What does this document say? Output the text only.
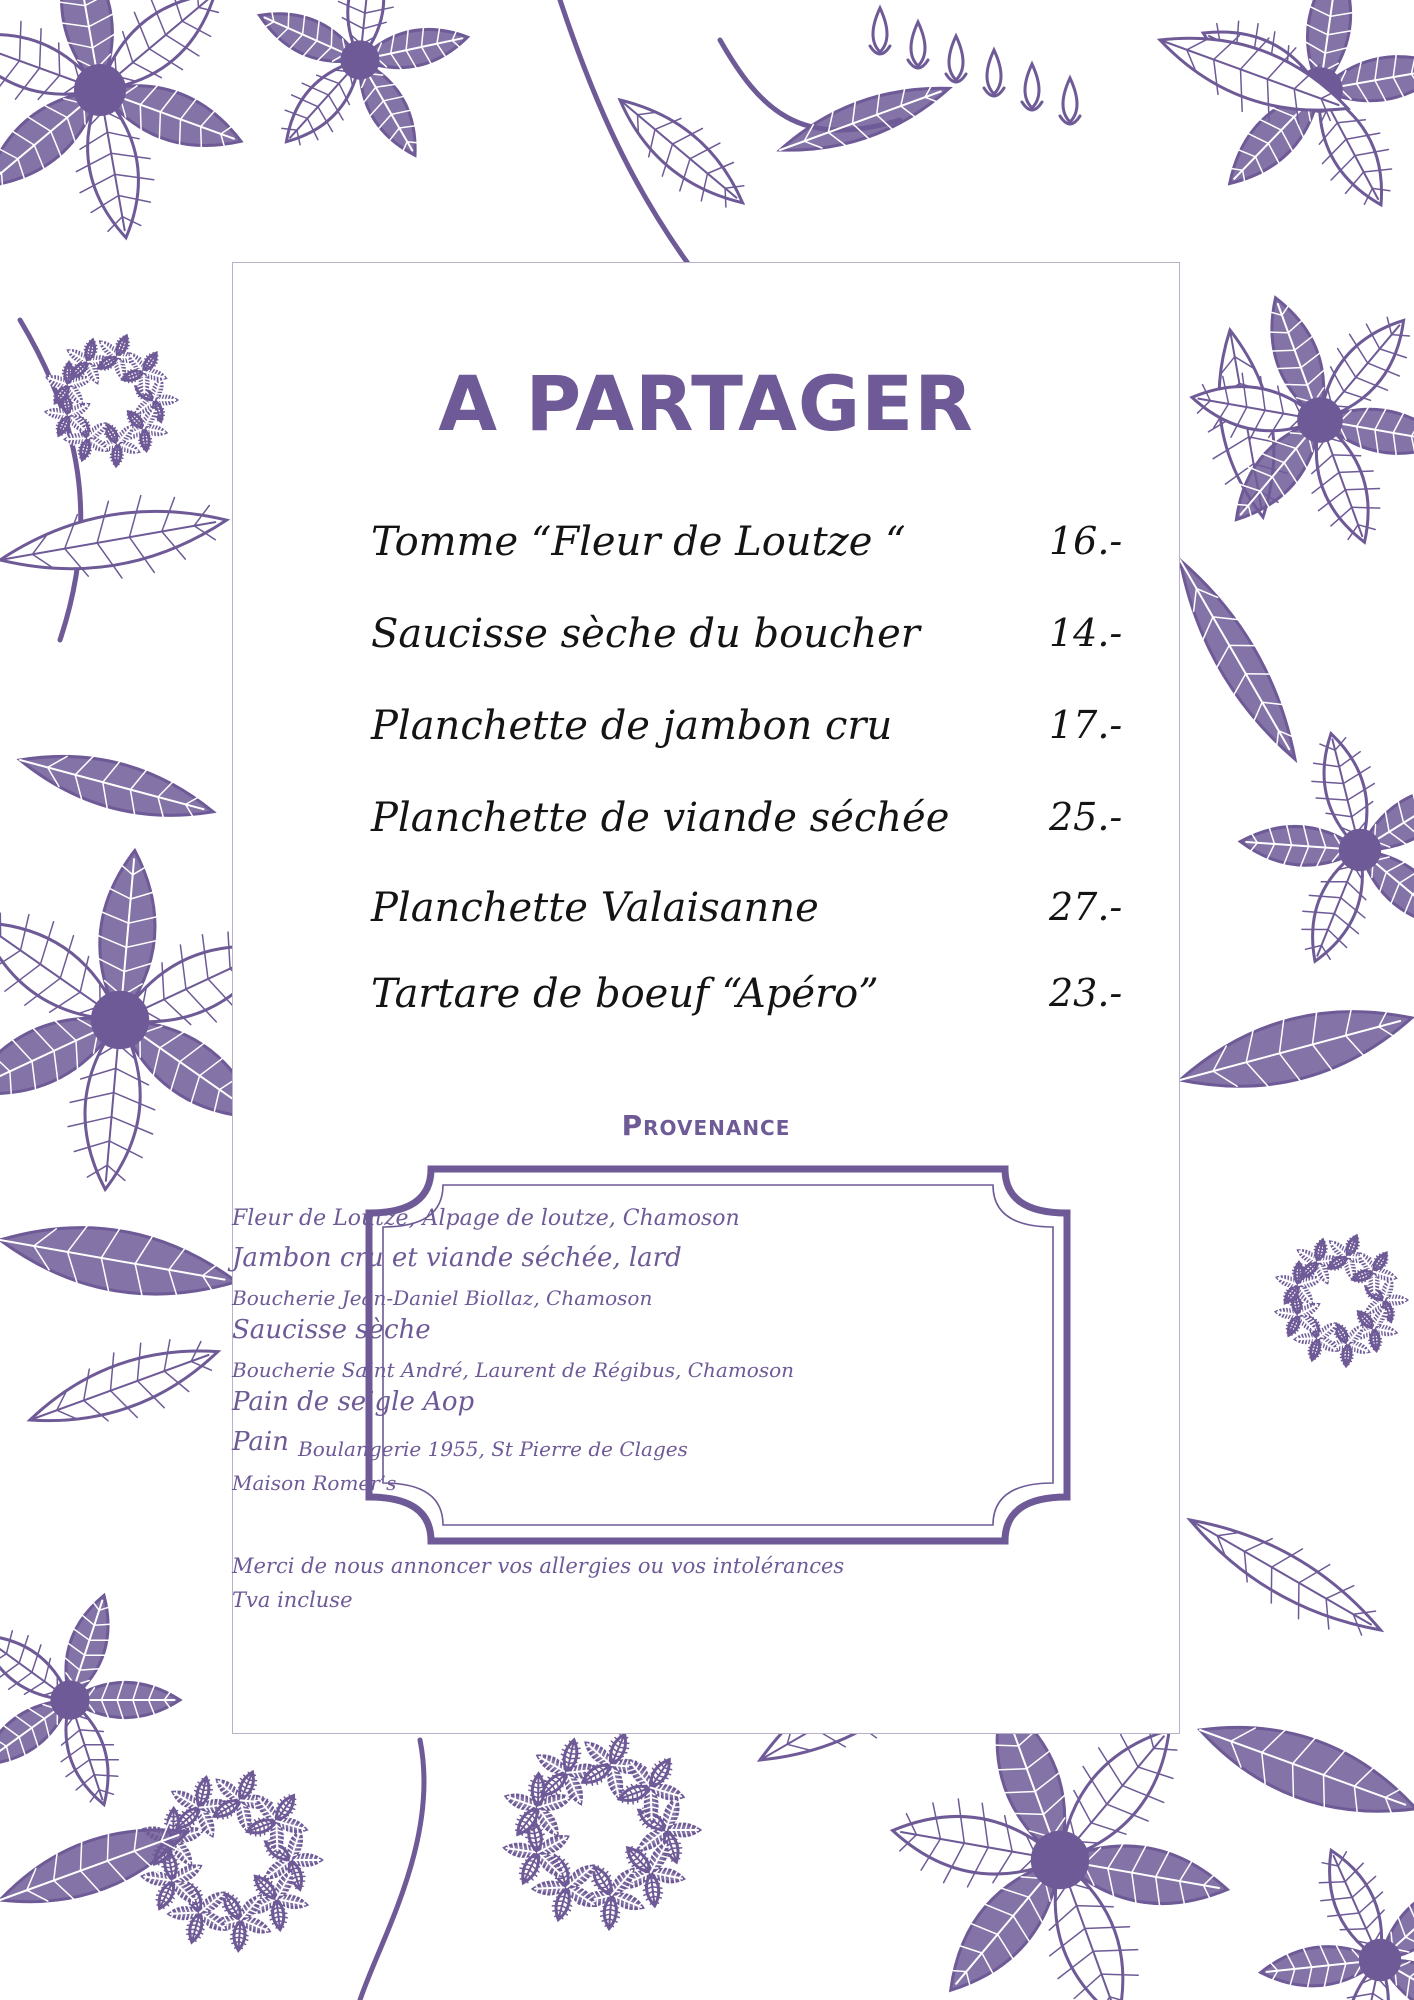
A PARTAGER
Tomme “Fleur de Loutze “	16.-
Saucisse sèche du boucher	14.-
Planchette de jambon cru	17.-
Planchette de viande séchée	25.-
Planchette Valaisanne	27.-
Tartare de boeuf “Apéro”	23.-
Provenance
Fleur de Loutze, Alpage de loutze, Chamoson
Jambon cru et viande séchée, lard
Boucherie Jean-Daniel Biollaz, Chamoson
Saucisse sèche
Boucherie Saint André, Laurent de Régibus, Chamoson
Pain de seigle Aop
Pain Boulangerie 1955, St Pierre de Clages
Maison Romer’s
Merci de nous annoncer vos allergies ou vos intolérances
Tva incluse
